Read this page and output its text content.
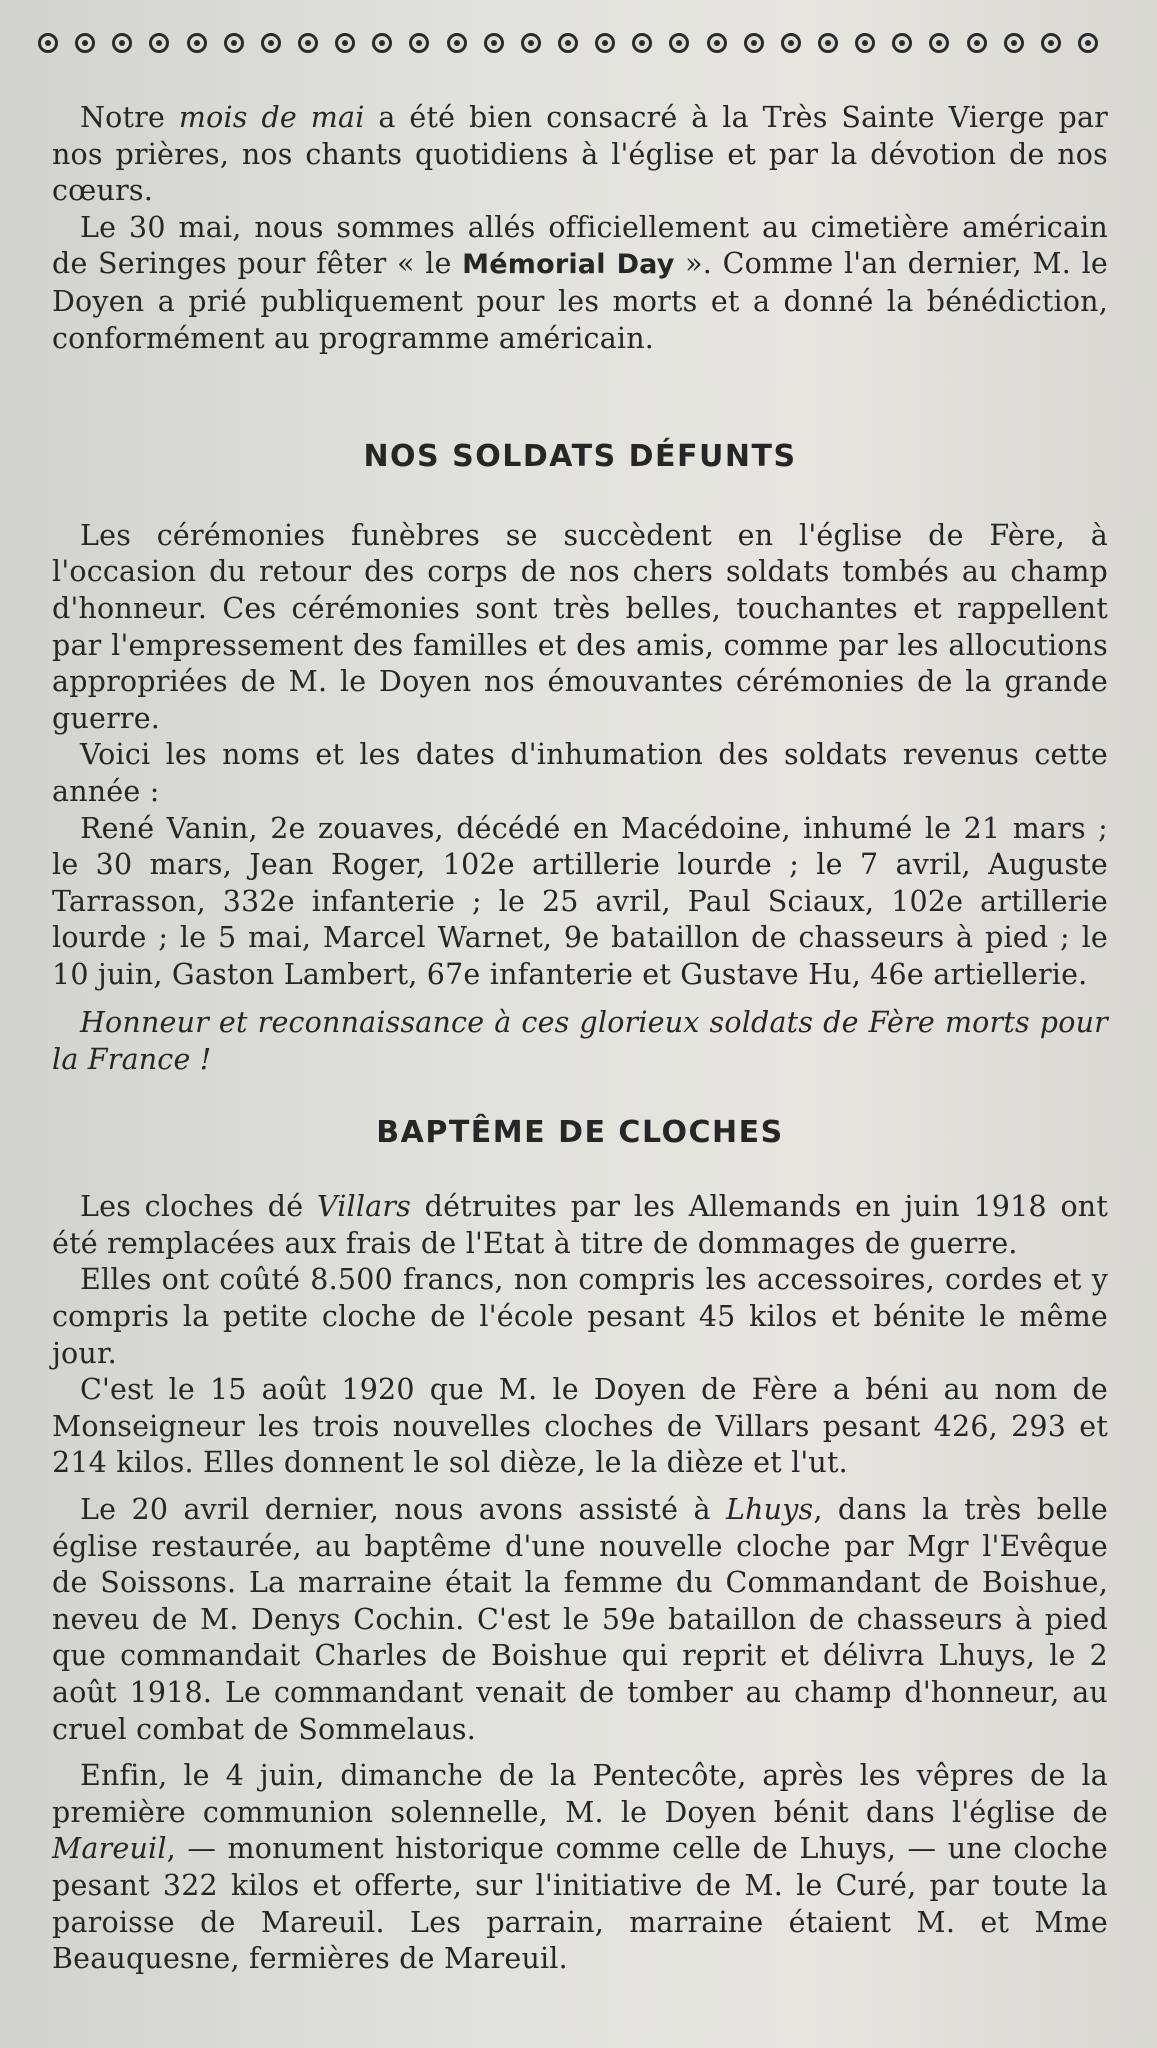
Notre mois de mai a été bien consacré à la Très Sainte Vierge par nos prières, nos chants quotidiens à l'église et par la dévotion de nos cœurs.

Le 30 mai, nous sommes allés officiellement au cimetière américain de Seringes pour fêter « le Mémorial Day ». Comme l'an dernier, M. le Doyen a prié publiquement pour les morts et a donné la bénédiction, conformément au programme américain.

NOS SOLDATS DÉFUNTS

Les cérémonies funèbres se succèdent en l'église de Fère, à l'occasion du retour des corps de nos chers soldats tombés au champ d'honneur. Ces cérémonies sont très belles, touchantes et rappellent par l'empressement des familles et des amis, comme par les allocutions appropriées de M. le Doyen nos émouvantes cérémonies de la grande guerre.

Voici les noms et les dates d'inhumation des soldats revenus cette année :

René Vanin, 2e zouaves, décédé en Macédoine, inhumé le 21 mars ; le 30 mars, Jean Roger, 102e artillerie lourde ; le 7 avril, Auguste Tarrasson, 332e infanterie ; le 25 avril, Paul Sciaux, 102e artillerie lourde ; le 5 mai, Marcel Warnet, 9e bataillon de chasseurs à pied ; le 10 juin, Gaston Lambert, 67e infanterie et Gustave Hu, 46e artiellerie.

Honneur et reconnaissance à ces glorieux soldats de Fère morts pour la France !

BAPTÊME DE CLOCHES

Les cloches dé Villars détruites par les Allemands en juin 1918 ont été remplacées aux frais de l'Etat à titre de dommages de guerre.

Elles ont coûté 8.500 francs, non compris les accessoires, cordes et y compris la petite cloche de l'école pesant 45 kilos et bénite le même jour.

C'est le 15 août 1920 que M. le Doyen de Fère a béni au nom de Monseigneur les trois nouvelles cloches de Villars pesant 426, 293 et 214 kilos. Elles donnent le sol dièze, le la dièze et l'ut.

Le 20 avril dernier, nous avons assisté à Lhuys, dans la très belle église restaurée, au baptême d'une nouvelle cloche par Mgr l'Evêque de Soissons. La marraine était la femme du Commandant de Boishue, neveu de M. Denys Cochin. C'est le 59e bataillon de chasseurs à pied que commandait Charles de Boishue qui reprit et délivra Lhuys, le 2 août 1918. Le commandant venait de tomber au champ d'honneur, au cruel combat de Sommelaus.

Enfin, le 4 juin, dimanche de la Pentecôte, après les vêpres de la première communion solennelle, M. le Doyen bénit dans l'église de Mareuil, — monument historique comme celle de Lhuys, — une cloche pesant 322 kilos et offerte, sur l'initiative de M. le Curé, par toute la paroisse de Mareuil. Les parrain, marraine étaient M. et Mme Beauquesne, fermières de Mareuil.
